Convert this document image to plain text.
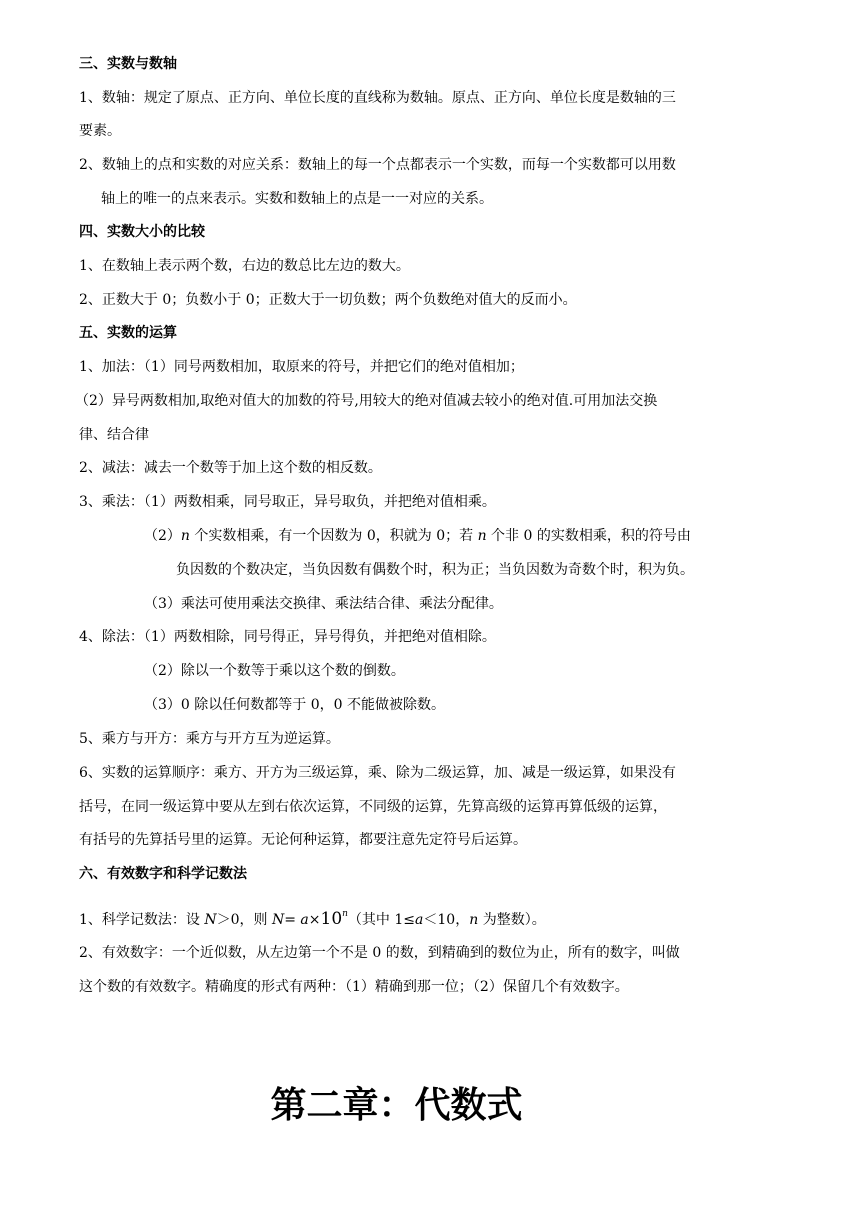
三、实数与数轴
1、数轴：规定了原点、正方向、单位长度的直线称为数轴。原点、正方向、单位长度是数轴的三
要素。
2、数轴上的点和实数的对应关系：数轴上的每一个点都表示一个实数，而每一个实数都可以用数
轴上的唯一的点来表示。实数和数轴上的点是一一对应的关系。
四、实数大小的比较
1、在数轴上表示两个数，右边的数总比左边的数大。
2、正数大于 0；负数小于 0；正数大于一切负数；两个负数绝对值大的反而小。
五、实数的运算
1、加法：（1）同号两数相加，取原来的符号，并把它们的绝对值相加；
（2）异号两数相加,取绝对值大的加数的符号,用较大的绝对值减去较小的绝对值.可用加法交换
律、结合律
2、减法：减去一个数等于加上这个数的相反数。
3、乘法：（1）两数相乘，同号取正，异号取负，并把绝对值相乘。
（2）n 个实数相乘，有一个因数为 0，积就为 0；若 n 个非 0 的实数相乘，积的符号由
负因数的个数决定，当负因数有偶数个时，积为正；当负因数为奇数个时，积为负。
（3）乘法可使用乘法交换律、乘法结合律、乘法分配律。
4、除法：（1）两数相除，同号得正，异号得负，并把绝对值相除。
（2）除以一个数等于乘以这个数的倒数。
（3）0 除以任何数都等于 0，0 不能做被除数。
5、乘方与开方：乘方与开方互为逆运算。
6、实数的运算顺序：乘方、开方为三级运算，乘、除为二级运算，加、减是一级运算，如果没有
括号，在同一级运算中要从左到右依次运算，不同级的运算，先算高级的运算再算低级的运算，
有括号的先算括号里的运算。无论何种运算，都要注意先定符号后运算。
六、有效数字和科学记数法
1、科学记数法：设 N＞0，则 $N= a\times 10^n$（其中 1≤a＜10，n 为整数）。
2、有效数字：一个近似数，从左边第一个不是 0 的数，到精确到的数位为止，所有的数字，叫做
这个数的有效数字。精确度的形式有两种：（1）精确到那一位；（2）保留几个有效数字。
第二章：代数式
